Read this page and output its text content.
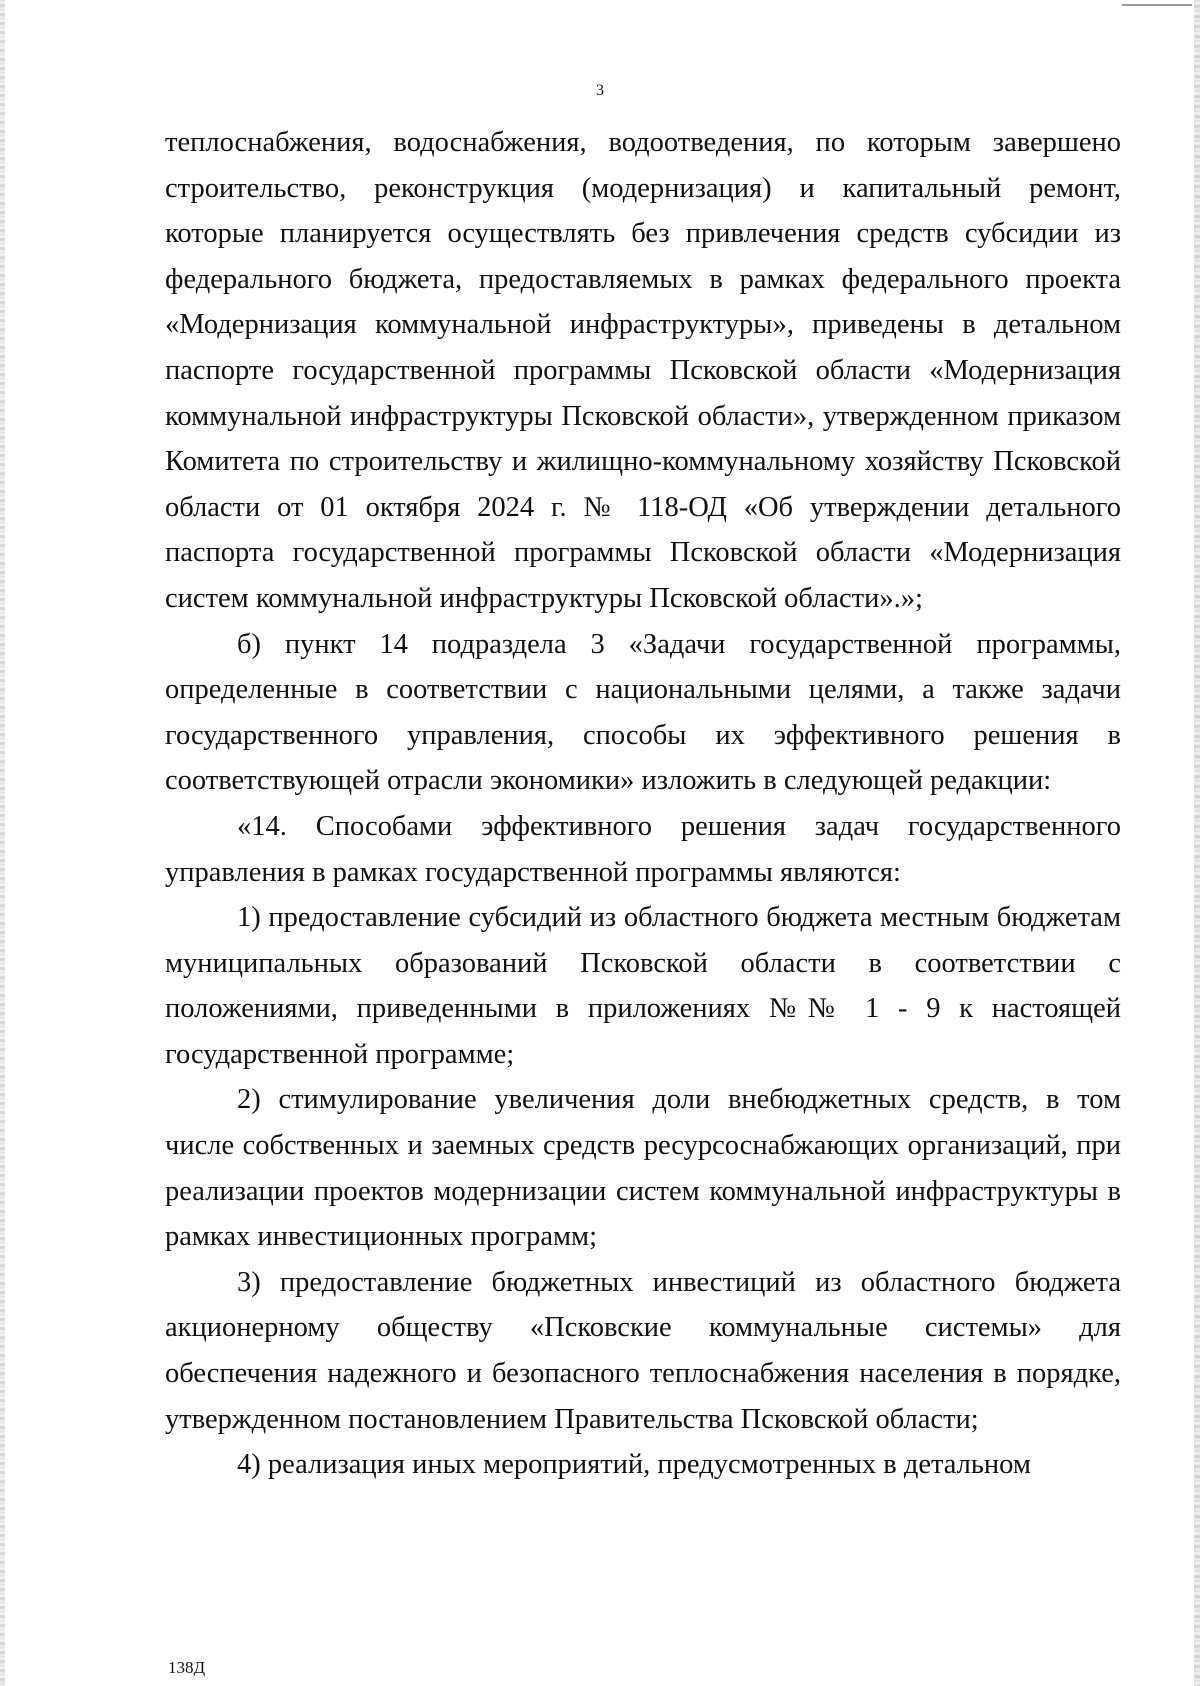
3

теплоснабжения, водоснабжения, водоотведения, по которым завершено строительство, реконструкция (модернизация) и капитальный ремонт, которые планируется осуществлять без привлечения средств субсидии из федерального бюджета, предоставляемых в рамках федерального проекта «Модернизация коммунальной инфраструктуры», приведены в детальном паспорте государственной программы Псковской области «Модернизация коммунальной инфраструктуры Псковской области», утвержденном приказом Комитета по строительству и жилищно-коммунальному хозяйству Псковской области от 01 октября 2024 г. № 118-ОД «Об утверждении детального паспорта государственной программы Псковской области «Модернизация систем коммунальной инфраструктуры Псковской области».»;

б) пункт 14 подраздела 3 «Задачи государственной программы, определенные в соответствии с национальными целями, а также задачи государственного управления, способы их эффективного решения в соответствующей отрасли экономики» изложить в следующей редакции:

«14. Способами эффективного решения задач государственного управления в рамках государственной программы являются:

1) предоставление субсидий из областного бюджета местным бюджетам муниципальных образований Псковской области в соответствии с положениями, приведенными в приложениях №№ 1 - 9 к настоящей государственной программе;

2) стимулирование увеличения доли внебюджетных средств, в том числе собственных и заемных средств ресурсоснабжающих организаций, при реализации проектов модернизации систем коммунальной инфраструктуры в рамках инвестиционных программ;

3) предоставление бюджетных инвестиций из областного бюджета акционерному обществу «Псковские коммунальные системы» для обеспечения надежного и безопасного теплоснабжения населения в порядке, утвержденном постановлением Правительства Псковской области;

4) реализация иных мероприятий, предусмотренных в детальном

138Д
